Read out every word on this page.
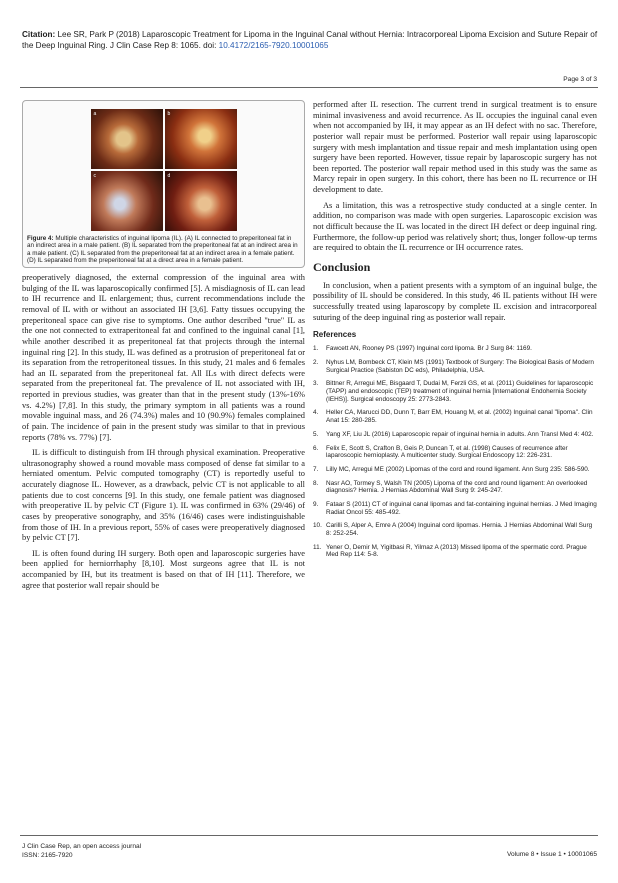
Citation: Lee SR, Park P (2018) Laparoscopic Treatment for Lipoma in the Inguinal Canal without Hernia: Intracorporeal Lipoma Excision and Suture Repair of the Deep Inguinal Ring. J Clin Case Rep 8: 1065. doi: 10.4172/2165-7920.10001065
Page 3 of 3
a	b
c	d
Figure 4: Multiple characteristics of inguinal lipoma (IL). (A) IL connected to preperitoneal fat in an indirect area in a male patient. (B) IL separated from the preperitoneal fat at an indirect area in a male patient. (C) IL separated from the preperitoneal fat at an indirect area in a female patient. (D) IL separated from the preperitoneal fat at a direct area in a female patient.

preoperatively diagnosed, the external compression of the inguinal area with bulging of the IL was laparoscopically confirmed [5]. A misdiagnosis of IL can lead to IH recurrence and IL enlargement; thus, current recommendations include the removal of IL with or without an associated IH [3,6]. Fatty tissues occupying the preperitoneal space can give rise to symptoms. One author described "true" IL as the one not connected to extraperitoneal fat and confined to the inguinal canal [1], while another described it as preperitoneal fat that projects through the internal inguinal ring [2]. In this study, IL was defined as a protrusion of preperitoneal fat or its separation from the retroperitoneal tissues. In this study, 21 males and 6 females had an IL separated from the preperitoneal fat. All ILs with direct defects were separated from the preperitoneal fat. The prevalence of IL not associated with IH, reported in previous studies, was greater than that in the present study (13%-16% vs. 4.2%) [7,8]. In this study, the primary symptom in all patients was a round movable inguinal mass, and 26 (74.3%) males and 10 (90.9%) females complained of pain. The incidence of pain in the present study was similar to that in previous reports (78% vs. 77%) [7].

IL is difficult to distinguish from IH through physical examination. Preoperative ultrasonography showed a round movable mass composed of dense fat similar to a herniated omentum. Pelvic computed tomography (CT) is reportedly useful to accurately diagnose IL. However, as a drawback, pelvic CT is not applicable to all patients due to cost concerns [9]. In this study, one female patient was diagnosed with preoperative IL by pelvic CT (Figure 1). IL was confirmed in 63% (29/46) of cases by preoperative sonography, and 35% (16/46) cases were indistinguishable from those of IH. In a previous report, 55% of cases were preoperatively diagnosed by pelvic CT [7].

IL is often found during IH surgery. Both open and laparoscopic surgeries have been applied for herniorrhaphy [8,10]. Most surgeons agree that IL is not accompanied by IH, but its treatment is based on that of IH [11]. Therefore, we agree that posterior wall repair should be

performed after IL resection. The current trend in surgical treatment is to ensure minimal invasiveness and avoid recurrence. As IL occupies the inguinal canal even when not accompanied by IH, it may appear as an IH defect with no sac. Therefore, posterior wall repair must be performed. Posterior wall repair using laparoscopic surgery with mesh implantation and tissue repair and mesh implantation using open surgery have been reported. However, tissue repair by laparoscopic surgery has not been reported. The posterior wall repair method used in this study was the same as Marcy repair in open surgery. In this cohort, there has been no IL recurrence or IH development to date.

As a limitation, this was a retrospective study conducted at a single center. In addition, no comparison was made with open surgeries. Laparoscopic excision was not difficult because the IL was located in the direct IH defect or deep inguinal ring. Furthermore, the follow-up period was relatively short; thus, longer follow-up terms are required to obtain the IL recurrence or IH occurrence rates.

Conclusion

In conclusion, when a patient presents with a symptom of an inguinal bulge, the possibility of IL should be considered. In this study, 46 IL patients without IH were successfully treated using laparoscopy by complete IL excision and intracorporeal suturing of the deep inguinal ring as posterior wall repair.

References
1.	Fawcett AN, Rooney PS (1997) Inguinal cord lipoma. Br J Surg 84: 1169.
2.	Nyhus LM, Bombeck CT, Klein MS (1991) Textbook of Surgery: The Biological Basis of Modern Surgical Practice (Sabiston DC eds), Philadelphia, USA.
3.	Bittner R, Arregui ME, Bisgaard T, Dudai M, Ferzli GS, et al. (2011) Guidelines for laparoscopic (TAPP) and endoscopic (TEP) treatment of inguinal hernia [International Endohernia Society (IEHS)]. Surgical endoscopy 25: 2773-2843.
4.	Heller CA, Marucci DD, Dunn T, Barr EM, Houang M, et al. (2002) Inguinal canal "lipoma". Clin Anat 15: 280-285.
5.	Yang XF, Liu JL (2016) Laparoscopic repair of inguinal hernia in adults. Ann Transl Med 4: 402.
6.	Felix E, Scott S, Crafton B, Geis P, Duncan T, et al. (1998) Causes of recurrence after laparoscopic hernioplasty. A multicenter study. Surgical Endoscopy 12: 226-231.
7.	Lilly MC, Arregui ME (2002) Lipomas of the cord and round ligament. Ann Surg 235: 586-590.
8.	Nasr AO, Tormey S, Walsh TN (2005) Lipoma of the cord and round ligament: An overlooked diagnosis? Hernia. J Hernias Abdominal Wall Surg 9: 245-247.
9.	Fataar S (2011) CT of inguinal canal lipomas and fat-containing inguinal hernias. J Med Imaging Radiat Oncol 55: 485-492.
10. Carilli S, Alper A, Emre A (2004) Inguinal cord lipomas. Hernia. J Hernias Abdominal Wall Surg 8: 252-254.
11. Yener O, Demir M, Yigitbasi R, Yilmaz A (2013) Missed lipoma of the spermatic cord. Prague Med Rep 114: 5-8.
J Clin Case Rep, an open access journal
ISSN: 2165-7920	Volume 8 • Issue 1 • 10001065
